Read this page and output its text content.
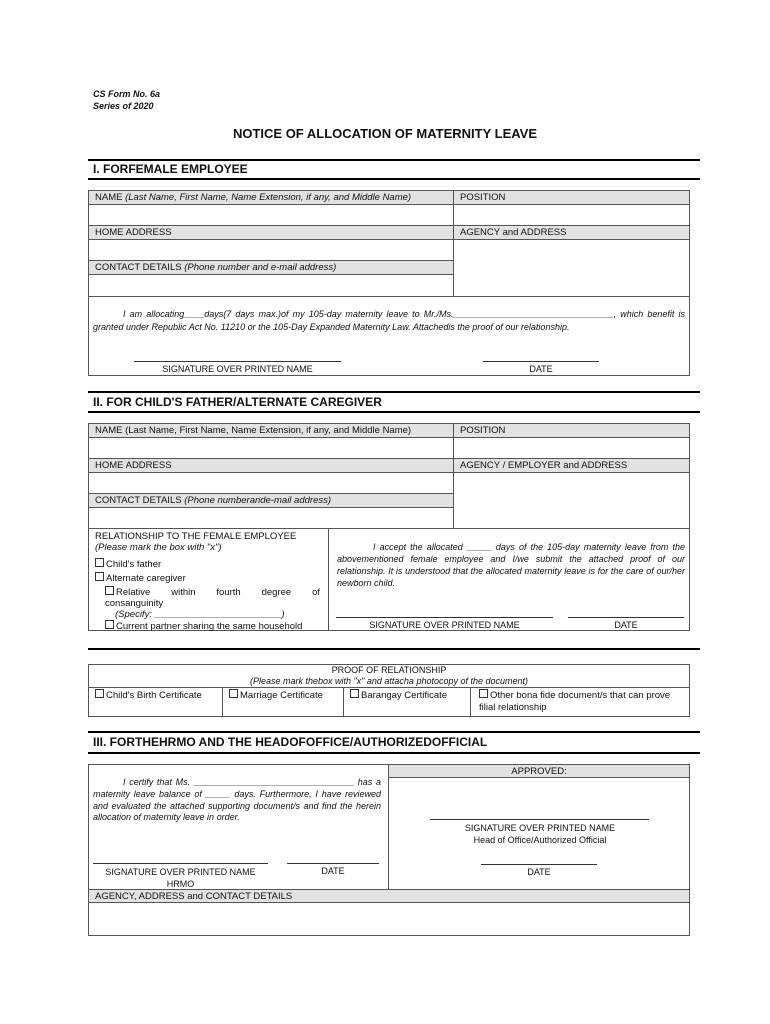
CS Form No. 6a
Series of 2020
NOTICE OF ALLOCATION OF MATERNITY LEAVE
I. FORFEMALE EMPLOYEE
NAME (Last Name, First Name, Name Extension, if any, and Middle Name)	POSITION
HOME ADDRESS	AGENCY and ADDRESS
CONTACT DETAILS (Phone number and e-mail address)
I am allocating____days(7 days max.)of my 105-day maternity leave to Mr./Ms.________________________________, which benefit is granted under Republic Act No. 11210 or the 105-Day Expanded Maternity Law. Attachedis the proof of our relationship.
SIGNATURE OVER PRINTED NAME	DATE
II. FOR CHILD'S FATHER/ALTERNATE CAREGIVER
NAME (Last Name, First Name, Name Extension, if any, and Middle Name)	POSITION
HOME ADDRESS	AGENCY / EMPLOYER and ADDRESS
CONTACT DETAILS (Phone numberande-mail address)
RELATIONSHIP TO THE FEMALE EMPLOYEE
(Please mark the box with "x")
Child's father
Alternate caregiver
Relative    within    fourth    degree    of consanguinity
(Specify: ________________________)
Current partner sharing the same household
I accept the allocated _____ days of the 105-day maternity leave from the abovementioned female employee and I/we submit the attached proof of our relationship. It is understood that the allocated maternity leave is for the care of our/her newborn child.
SIGNATURE OVER PRINTED NAME	DATE
PROOF OF RELATIONSHIP
(Please mark thebox with "x" and attacha photocopy of the document)
Child's Birth Certificate	Marriage Certificate	Barangay Certificate	Other bona fide document/s that can prove filial relationship
III. FORTHEHRMO AND THE HEADOFOFFICE/AUTHORIZEDOFFICIAL
APPROVED:
I certify that Ms. ________________________________ has a maternity leave balance of _____ days. Furthermore, I have reviewed and evaluated the attached supporting document/s and find the herein allocation of maternity leave in order.
SIGNATURE OVER PRINTED NAME
HRMO
DATE
SIGNATURE OVER PRINTED NAME
Head of Office/Authorized Official
DATE
AGENCY, ADDRESS and CONTACT DETAILS
